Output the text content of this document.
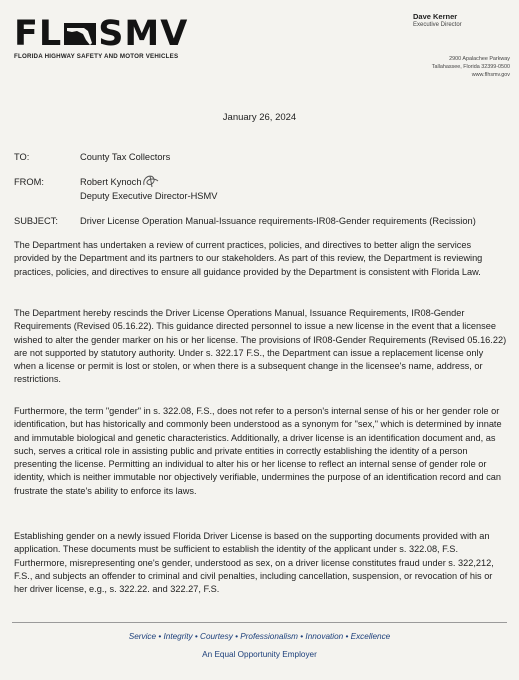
FL SMV
FLORIDA HIGHWAY SAFETY AND MOTOR VEHICLES
Dave Kerner
Executive Director
2900 Apalachee Parkway
Tallahassee, Florida 32399-0500
www.flhsmv.gov
January 26, 2024
TO:	County Tax Collectors
FROM:	Robert Kynoch
Deputy Executive Director-HSMV
SUBJECT: Driver License Operation Manual-Issuance requirements-IR08-Gender requirements (Recission)

The Department has undertaken a review of current practices, policies, and directives to better align the services provided by the Department and its partners to our stakeholders. As part of this review, the Department is reviewing practices, policies, and directives to ensure all guidance provided by the Department is consistent with Florida Law.

The Department hereby rescinds the Driver License Operations Manual, Issuance Requirements, IR08-Gender Requirements (Revised 05.16.22). This guidance directed personnel to issue a new license in the event that a licensee wished to alter the gender marker on his or her license. The provisions of IR08-Gender Requirements (Revised 05.16.22) are not supported by statutory authority. Under s. 322.17 F.S., the Department can issue a replacement license only when a license or permit is lost or stolen, or when there is a subsequent change in the licensee's name, address, or restrictions.

Furthermore, the term "gender" in s. 322.08, F.S., does not refer to a person's internal sense of his or her gender role or identification, but has historically and commonly been understood as a synonym for "sex," which is determined by innate and immutable biological and genetic characteristics. Additionally, a driver license is an identification document and, as such, serves a critical role in assisting public and private entities in correctly establishing the identity of a person presenting the license. Permitting an individual to alter his or her license to reflect an internal sense of gender role or identity, which is neither immutable nor objectively verifiable, undermines the purpose of an identification record and can frustrate the state's ability to enforce its laws.

Establishing gender on a newly issued Florida Driver License is based on the supporting documents provided with an application. These documents must be sufficient to establish the identity of the applicant under s. 322.08, F.S. Furthermore, misrepresenting one's gender, understood as sex, on a driver license constitutes fraud under s. 322,212, F.S., and subjects an offender to criminal and civil penalties, including cancellation, suspension, or revocation of his or her driver license, e.g., s. 322.22. and 322.27, F.S.

Service • Integrity • Courtesy • Professionalism • Innovation • Excellence
An Equal Opportunity Employer
